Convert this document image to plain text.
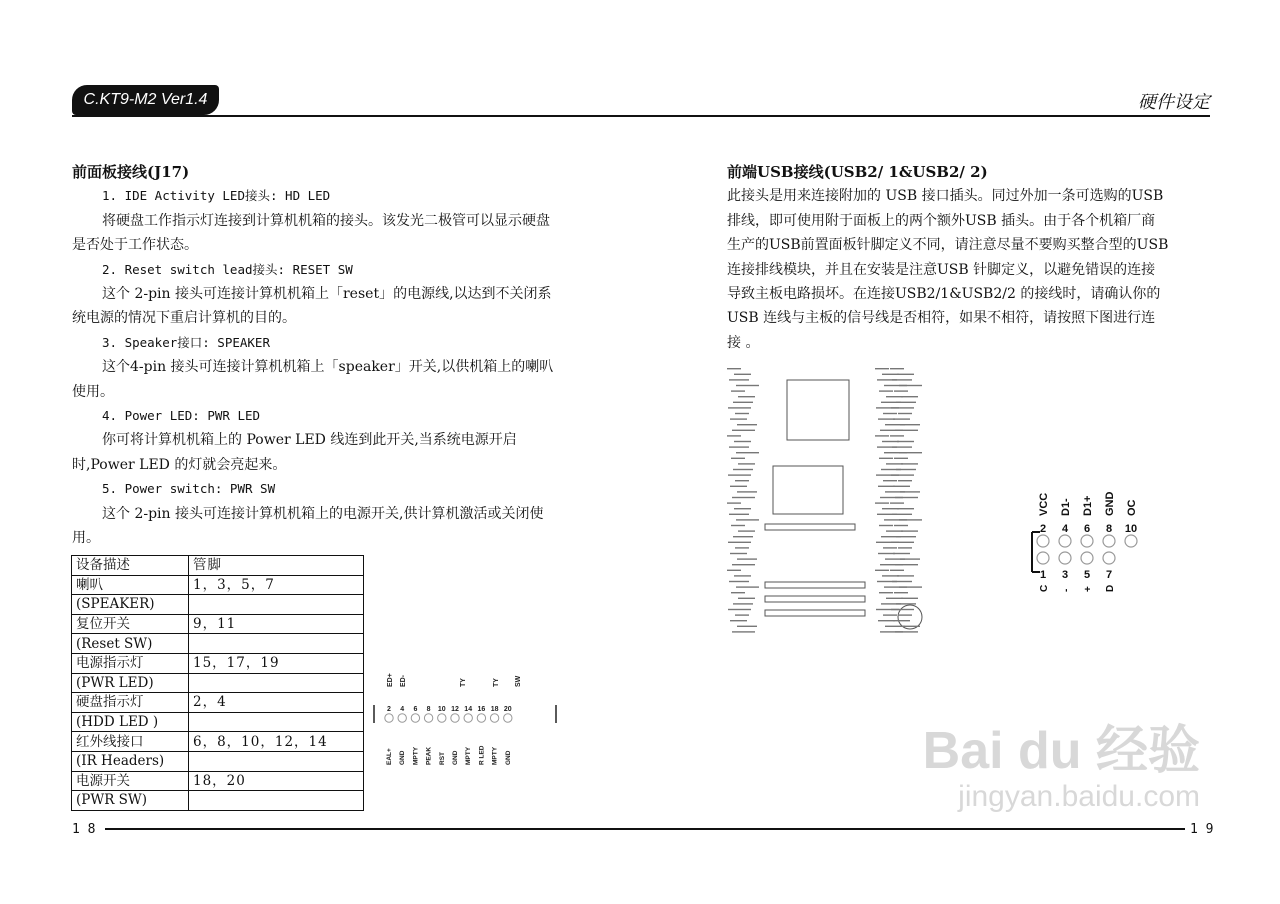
C.KT9-M2 Ver1.4	硬件设定

前面板接线(J17)

1. IDE Activity LED接头: HD LED

将硬盘工作指示灯连接到计算机机箱的接头。该发光二极管可以显示硬盘是否处于工作状态。

2. Reset switch lead接头: RESET SW

这个 2-pin 接头可连接计算机机箱上「reset」的电源线,以达到不关闭系统电源的情况下重启计算机的目的。

3. Speaker接口: SPEAKER

这个4-pin 接头可连接计算机机箱上「speaker」开关,以供机箱上的喇叭使用。

4. Power LED: PWR LED

你可将计算机机箱上的 Power LED 线连到此开关,当系统电源开启时,Power LED 的灯就会亮起来。

5. Power switch: PWR SW

这个 2-pin 接头可连接计算机机箱上的电源开关,供计算机激活或关闭使用。

设备描述	管脚
喇叭	1，3，5，7
(SPEAKER)	
复位开关	9，11
(Reset SW)	
电源指示灯	15，17，19
(PWR LED)	
硬盘指示灯	2，4
(HDD LED )	
红外线接口	6，8，10，12，14
(IR Headers)	
电源开关	18，20
(PWR SW)	
ED+ ED-	TY	TY SW
2 4 6 8 10 12 14 16 18 20
EAL+ GND MPTY PEAK RST GND MPTY R LED MPTY GND
1 8	1 9

前端USB接线(USB2/ 1&USB2/ 2)

此接头是用来连接附加的 USB 接口插头。同过外加一条可选购的USB

排线，即可使用附于面板上的两个额外USB 插头。由于各个机箱厂商

生产的USB前置面板针脚定义不同，请注意尽量不要购买整合型的USB

连接排线模块，并且在安装是注意USB 针脚定义，以避免错误的连接

导致主板电路损坏。在连接USB2/1&USB2/2 的接线时，请确认你的

USB 连线与主板的信号线是否相符，如果不相符，请按照下图进行连

接 。

VCC D1- D1+ GND OC
2 4 6 8 10
1 3 5 7
C - + D
Bai du 经验
jingyan.baidu.com
